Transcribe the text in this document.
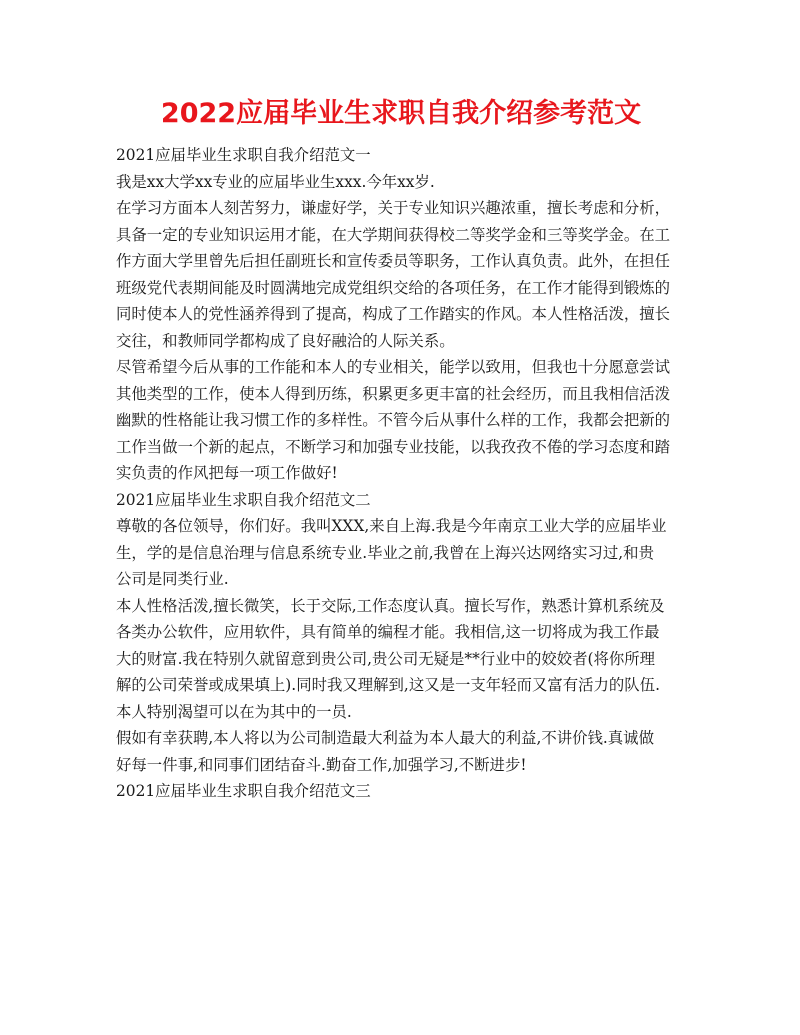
2022应届毕业生求职自我介绍参考范文

2021应届毕业生求职自我介绍范文一

我是xx大学xx专业的应届毕业生xxx.今年xx岁.

在学习方面本人刻苦努力，谦虚好学，关于专业知识兴趣浓重，擅长考虑和分析，

具备一定的专业知识运用才能，在大学期间获得校二等奖学金和三等奖学金。在工

作方面大学里曾先后担任副班长和宣传委员等职务，工作认真负责。此外，在担任

班级党代表期间能及时圆满地完成党组织交给的各项任务，在工作才能得到锻炼的

同时使本人的党性涵养得到了提高，构成了工作踏实的作风。本人性格活泼，擅长

交往，和教师同学都构成了良好融洽的人际关系。

尽管希望今后从事的工作能和本人的专业相关，能学以致用，但我也十分愿意尝试

其他类型的工作，使本人得到历练，积累更多更丰富的社会经历，而且我相信活泼

幽默的性格能让我习惯工作的多样性。不管今后从事什么样的工作，我都会把新的

工作当做一个新的起点，不断学习和加强专业技能，以我孜孜不倦的学习态度和踏

实负责的作风把每一项工作做好!

2021应届毕业生求职自我介绍范文二

尊敬的各位领导，你们好。我叫XXX,来自上海.我是今年南京工业大学的应届毕业

生，学的是信息治理与信息系统专业.毕业之前,我曾在上海兴达网络实习过,和贵

公司是同类行业.

本人性格活泼,擅长微笑，长于交际,工作态度认真。擅长写作，熟悉计算机系统及

各类办公软件，应用软件，具有简单的编程才能。我相信,这一切将成为我工作最

大的财富.我在特别久就留意到贵公司,贵公司无疑是**行业中的姣姣者(将你所理

解的公司荣誉或成果填上).同时我又理解到,这又是一支年轻而又富有活力的队伍.

本人特别渴望可以在为其中的一员.

假如有幸获聘,本人将以为公司制造最大利益为本人最大的利益,不讲价钱.真诚做

好每一件事,和同事们团结奋斗.勤奋工作,加强学习,不断进步!

2021应届毕业生求职自我介绍范文三
